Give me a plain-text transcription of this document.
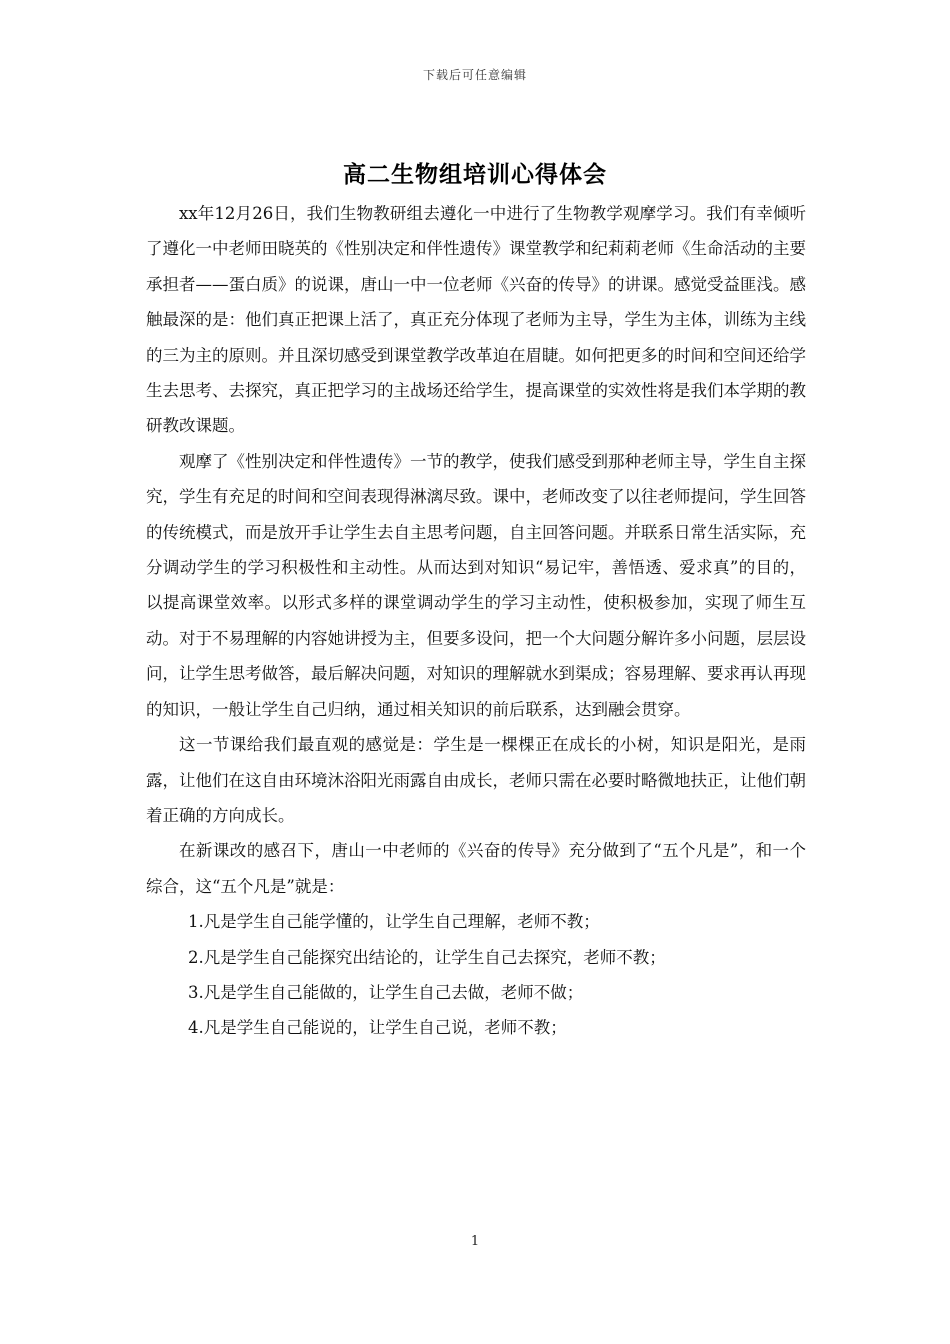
下载后可任意编辑
高二生物组培训心得体会

xx年12月26日，我们生物教研组去遵化一中进行了生物教学观摩学习。我们有幸倾听了遵化一中老师田晓英的《性别决定和伴性遗传》课堂教学和纪莉莉老师《生命活动的主要承担者——蛋白质》的说课，唐山一中一位老师《兴奋的传导》的讲课。感觉受益匪浅。感触最深的是：他们真正把课上活了，真正充分体现了老师为主导，学生为主体，训练为主线的三为主的原则。并且深切感受到课堂教学改革迫在眉睫。如何把更多的时间和空间还给学生去思考、去探究，真正把学习的主战场还给学生，提高课堂的实效性将是我们本学期的教研教改课题。

观摩了《性别决定和伴性遗传》一节的教学，使我们感受到那种老师主导，学生自主探究，学生有充足的时间和空间表现得淋漓尽致。课中，老师改变了以往老师提问，学生回答的传统模式，而是放开手让学生去自主思考问题，自主回答问题。并联系日常生活实际，充分调动学生的学习积极性和主动性。从而达到对知识“易记牢，善悟透、爱求真”的目的，以提高课堂效率。以形式多样的课堂调动学生的学习主动性，使积极参加，实现了师生互动。对于不易理解的内容她讲授为主，但要多设问，把一个大问题分解许多小问题，层层设问，让学生思考做答，最后解决问题，对知识的理解就水到渠成；容易理解、要求再认再现的知识，一般让学生自己归纳，通过相关知识的前后联系，达到融会贯穿。

这一节课给我们最直观的感觉是：学生是一棵棵正在成长的小树，知识是阳光，是雨露，让他们在这自由环境沐浴阳光雨露自由成长，老师只需在必要时略微地扶正，让他们朝着正确的方向成长。

在新课改的感召下，唐山一中老师的《兴奋的传导》充分做到了“五个凡是”，和一个综合，这“五个凡是”就是：

1.凡是学生自己能学懂的，让学生自己理解，老师不教；

2.凡是学生自己能探究出结论的，让学生自己去探究，老师不教；

3.凡是学生自己能做的，让学生自己去做，老师不做；

4.凡是学生自己能说的，让学生自己说，老师不教；

1
